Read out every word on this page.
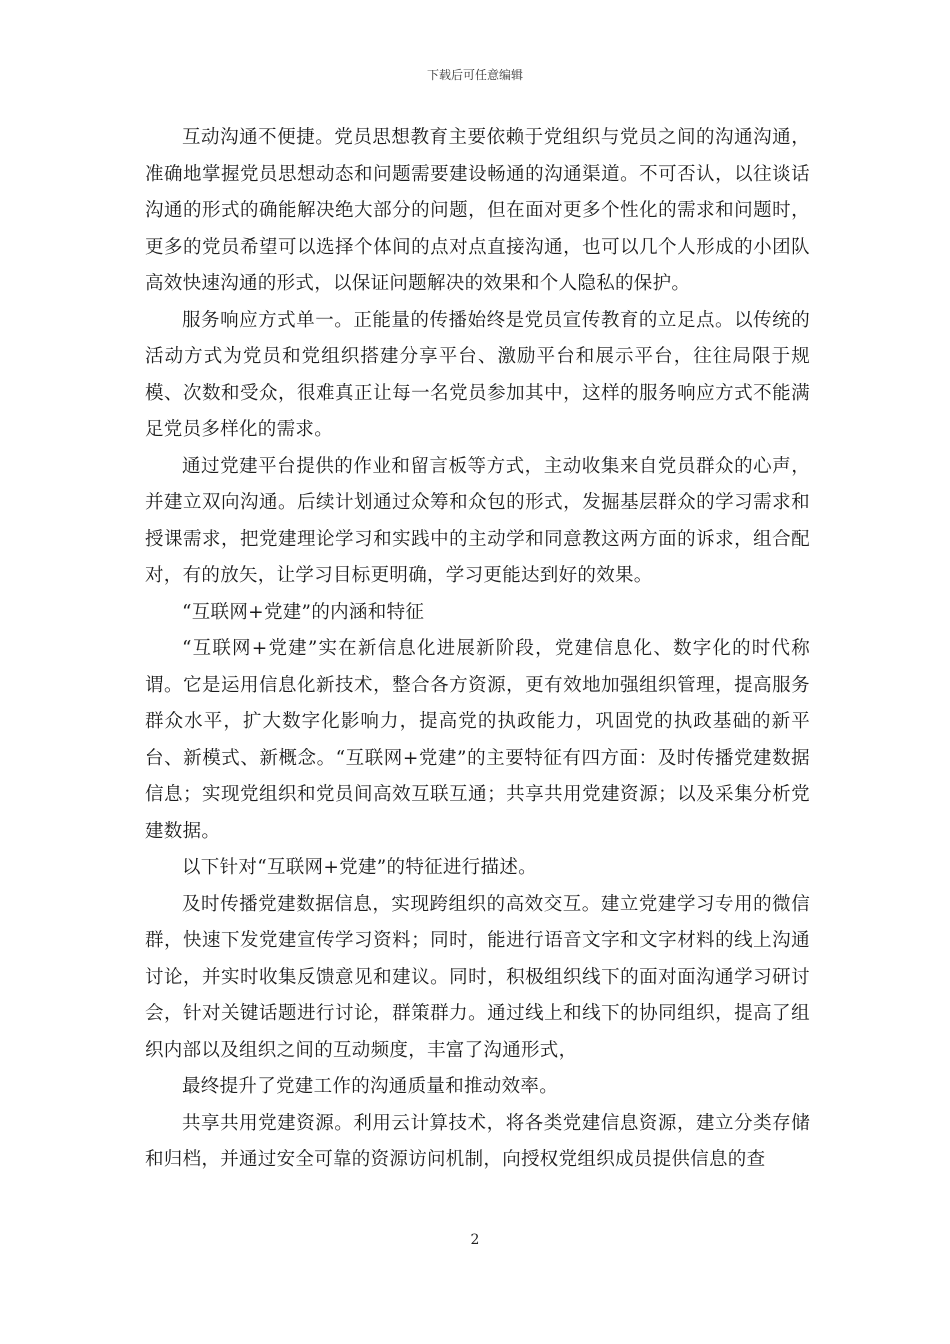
下载后可任意编辑

互动沟通不便捷。党员思想教育主要依赖于党组织与党员之间的沟通沟通，准确地掌握党员思想动态和问题需要建设畅通的沟通渠道。不可否认，以往谈话沟通的形式的确能解决绝大部分的问题，但在面对更多个性化的需求和问题时，更多的党员希望可以选择个体间的点对点直接沟通，也可以几个人形成的小团队高效快速沟通的形式，以保证问题解决的效果和个人隐私的保护。

服务响应方式单一。正能量的传播始终是党员宣传教育的立足点。以传统的活动方式为党员和党组织搭建分享平台、激励平台和展示平台，往往局限于规模、次数和受众，很难真正让每一名党员参加其中，这样的服务响应方式不能满足党员多样化的需求。

通过党建平台提供的作业和留言板等方式，主动收集来自党员群众的心声，并建立双向沟通。后续计划通过众筹和众包的形式，发掘基层群众的学习需求和授课需求，把党建理论学习和实践中的主动学和同意教这两方面的诉求，组合配对，有的放矢，让学习目标更明确，学习更能达到好的效果。

“互联网+党建”的内涵和特征

“互联网+党建”实在新信息化进展新阶段，党建信息化、数字化的时代称谓。它是运用信息化新技术，整合各方资源，更有效地加强组织管理，提高服务群众水平，扩大数字化影响力，提高党的执政能力，巩固党的执政基础的新平台、新模式、新概念。“互联网+党建”的主要特征有四方面：及时传播党建数据信息；实现党组织和党员间高效互联互通；共享共用党建资源；以及采集分析党建数据。

以下针对“互联网+党建”的特征进行描述。

及时传播党建数据信息，实现跨组织的高效交互。建立党建学习专用的微信群，快速下发党建宣传学习资料；同时，能进行语音文字和文字材料的线上沟通讨论，并实时收集反馈意见和建议。同时，积极组织线下的面对面沟通学习研讨会，针对关键话题进行讨论，群策群力。通过线上和线下的协同组织，提高了组织内部以及组织之间的互动频度，丰富了沟通形式，

最终提升了党建工作的沟通质量和推动效率。

共享共用党建资源。利用云计算技术，将各类党建信息资源，建立分类存储和归档，并通过安全可靠的资源访问机制，向授权党组织成员提供信息的查

2
